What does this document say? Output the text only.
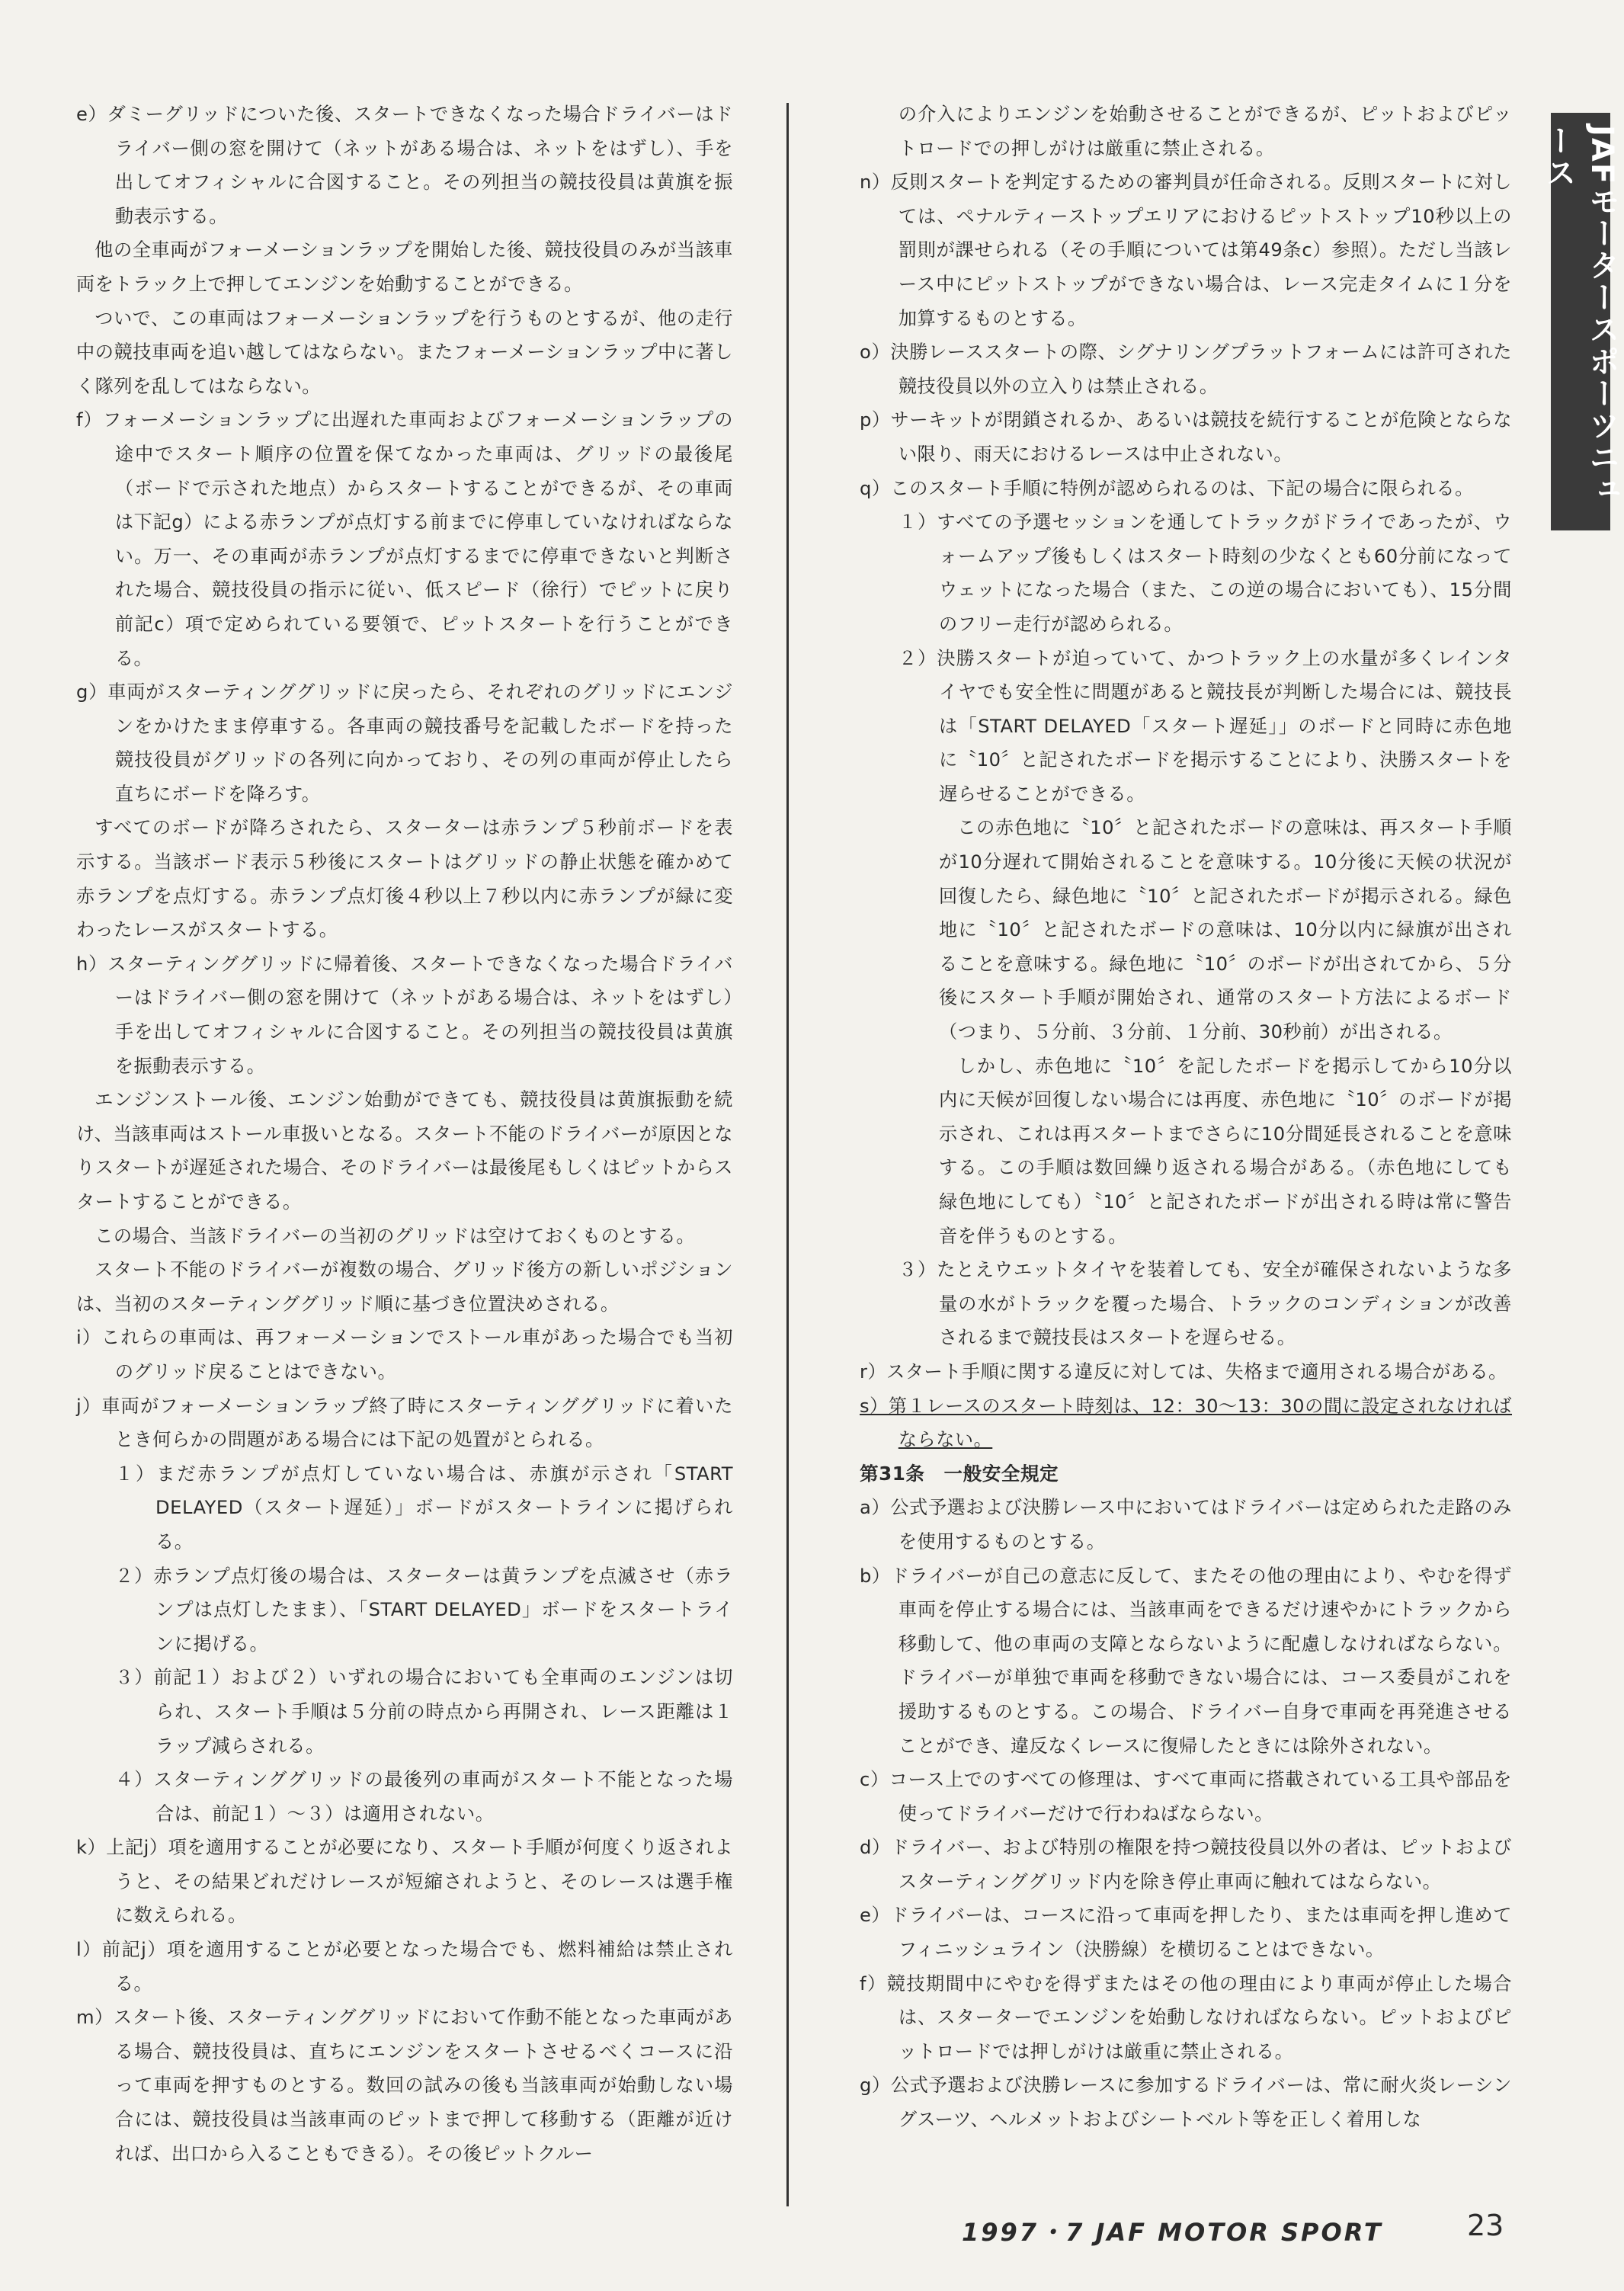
JAFモータースポーツニュース

e）ダミーグリッドについた後、スタートできなくなった場合ドライバーはドライバー側の窓を開けて（ネットがある場合は、ネットをはずし）、手を出してオフィシャルに合図すること。その列担当の競技役員は黄旗を振動表示する。

他の全車両がフォーメーションラップを開始した後、競技役員のみが当該車両をトラック上で押してエンジンを始動することができる。

ついで、この車両はフォーメーションラップを行うものとするが、他の走行中の競技車両を追い越してはならない。またフォーメーションラップ中に著しく隊列を乱してはならない。

f）フォーメーションラップに出遅れた車両およびフォーメーションラップの途中でスタート順序の位置を保てなかった車両は、グリッドの最後尾（ボードで示された地点）からスタートすることができるが、その車両は下記g）による赤ランプが点灯する前までに停車していなければならない。万一、その車両が赤ランプが点灯するまでに停車できないと判断された場合、競技役員の指示に従い、低スピード（徐行）でピットに戻り前記c）項で定められている要領で、ピットスタートを行うことができる。

g）車両がスターティンググリッドに戻ったら、それぞれのグリッドにエンジンをかけたまま停車する。各車両の競技番号を記載したボードを持った競技役員がグリッドの各列に向かっており、その列の車両が停止したら直ちにボードを降ろす。

すべてのボードが降ろされたら、スターターは赤ランプ５秒前ボードを表示する。当該ボード表示５秒後にスタートはグリッドの静止状態を確かめて赤ランプを点灯する。赤ランプ点灯後４秒以上７秒以内に赤ランプが緑に変わったレースがスタートする。

h）スターティンググリッドに帰着後、スタートできなくなった場合ドライバーはドライバー側の窓を開けて（ネットがある場合は、ネットをはずし）手を出してオフィシャルに合図すること。その列担当の競技役員は黄旗を振動表示する。

エンジンストール後、エンジン始動ができても、競技役員は黄旗振動を続け、当該車両はストール車扱いとなる。スタート不能のドライバーが原因となりスタートが遅延された場合、そのドライバーは最後尾もしくはピットからスタートすることができる。

この場合、当該ドライバーの当初のグリッドは空けておくものとする。

スタート不能のドライバーが複数の場合、グリッド後方の新しいポジションは、当初のスターティンググリッド順に基づき位置決めされる。

i）これらの車両は、再フォーメーションでストール車があった場合でも当初のグリッド戻ることはできない。

j）車両がフォーメーションラップ終了時にスターティンググリッドに着いたとき何らかの問題がある場合には下記の処置がとられる。

１）まだ赤ランプが点灯していない場合は、赤旗が示され「START DELAYED（スタート遅延）」ボードがスタートラインに掲げられる。

２）赤ランプ点灯後の場合は、スターターは黄ランプを点滅させ（赤ランプは点灯したまま）、「START DELAYED」ボードをスタートラインに掲げる。

３）前記１）および２）いずれの場合においても全車両のエンジンは切られ、スタート手順は５分前の時点から再開され、レース距離は１ラップ減らされる。

４）スターティンググリッドの最後列の車両がスタート不能となった場合は、前記１）〜３）は適用されない。

k）上記j）項を適用することが必要になり、スタート手順が何度くり返されようと、その結果どれだけレースが短縮されようと、そのレースは選手権に数えられる。

l）前記j）項を適用することが必要となった場合でも、燃料補給は禁止される。

m）スタート後、スターティンググリッドにおいて作動不能となった車両がある場合、競技役員は、直ちにエンジンをスタートさせるべくコースに沿って車両を押すものとする。数回の試みの後も当該車両が始動しない場合には、競技役員は当該車両のピットまで押して移動する（距離が近ければ、出口から入ることもできる）。その後ピットクルー

の介入によりエンジンを始動させることができるが、ピットおよびピットロードでの押しがけは厳重に禁止される。

n）反則スタートを判定するための審判員が任命される。反則スタートに対しては、ペナルティーストップエリアにおけるピットストップ10秒以上の罰則が課せられる（その手順については第49条c）参照）。ただし当該レース中にピットストップができない場合は、レース完走タイムに１分を加算するものとする。

o）決勝レーススタートの際、シグナリングプラットフォームには許可された競技役員以外の立入りは禁止される。

p）サーキットが閉鎖されるか、あるいは競技を続行することが危険とならない限り、雨天におけるレースは中止されない。

q）このスタート手順に特例が認められるのは、下記の場合に限られる。

１）すべての予選セッションを通してトラックがドライであったが、ウォームアップ後もしくはスタート時刻の少なくとも60分前になってウェットになった場合（また、この逆の場合においても）、15分間のフリー走行が認められる。

２）決勝スタートが迫っていて、かつトラック上の水量が多くレインタイヤでも安全性に問題があると競技長が判断した場合には、競技長は「START DELAYED「スタート遅延」」のボードと同時に赤色地に〝10〞と記されたボードを掲示することにより、決勝スタートを遅らせることができる。

この赤色地に〝10〞と記されたボードの意味は、再スタート手順が10分遅れて開始されることを意味する。10分後に天候の状況が回復したら、緑色地に〝10〞と記されたボードが掲示される。緑色地に〝10〞と記されたボードの意味は、10分以内に緑旗が出されることを意味する。緑色地に〝10〞のボードが出されてから、５分後にスタート手順が開始され、通常のスタート方法によるボード（つまり、５分前、３分前、１分前、30秒前）が出される。

しかし、赤色地に〝10〞を記したボードを掲示してから10分以内に天候が回復しない場合には再度、赤色地に〝10〞のボードが掲示され、これは再スタートまでさらに10分間延長されることを意味する。この手順は数回繰り返される場合がある。（赤色地にしても緑色地にしても）〝10〞と記されたボードが出される時は常に警告音を伴うものとする。

３）たとえウエットタイヤを装着しても、安全が確保されないような多量の水がトラックを覆った場合、トラックのコンディションが改善されるまで競技長はスタートを遅らせる。

r）スタート手順に関する違反に対しては、失格まで適用される場合がある。

s）第１レースのスタート時刻は、12：30〜13：30の間に設定されなければならない。

第31条　一般安全規定

a）公式予選および決勝レース中においてはドライバーは定められた走路のみを使用するものとする。

b）ドライバーが自己の意志に反して、またその他の理由により、やむを得ず車両を停止する場合には、当該車両をできるだけ速やかにトラックから移動して、他の車両の支障とならないように配慮しなければならない。ドライバーが単独で車両を移動できない場合には、コース委員がこれを援助するものとする。この場合、ドライバー自身で車両を再発進させることができ、違反なくレースに復帰したときには除外されない。

c）コース上でのすべての修理は、すべて車両に搭載されている工具や部品を使ってドライバーだけで行わねばならない。

d）ドライバー、および特別の権限を持つ競技役員以外の者は、ピットおよびスターティンググリッド内を除き停止車両に触れてはならない。

e）ドライバーは、コースに沿って車両を押したり、または車両を押し進めてフィニッシュライン（決勝線）を横切ることはできない。

f）競技期間中にやむを得ずまたはその他の理由により車両が停止した場合は、スターターでエンジンを始動しなければならない。ピットおよびピットロードでは押しがけは厳重に禁止される。

g）公式予選および決勝レースに参加するドライバーは、常に耐火炎レーシングスーツ、ヘルメットおよびシートベルト等を正しく着用しな

1997・7 JAF MOTOR SPORT	23
